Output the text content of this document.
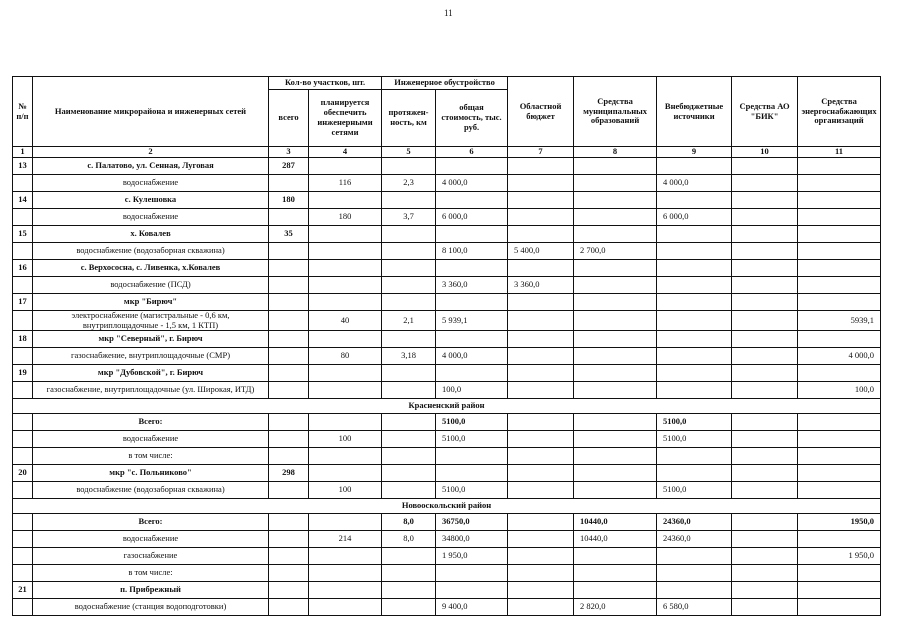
11
№ п/п	Наименование микрорайона и инженерных сетей	Кол-во участков, шт.		Инженерное обустройство		Областной бюджет	Средства муниципальных образований	Внебюджетные источники	Средства АО "БИК"	Средства энергоснабжающих организаций
		всего	планируется обеспечить инженерными сетями	протяжен-ность, км	общая стоимость, тыс. руб.					
1	2	3	4	5	6	7	8	9	10	11
13	с. Палатово, ул. Сенная, Луговая	287								
	водоснабжение		116	2,3	4 000,0			4 000,0		
14	с. Кулешовка	180								
	водоснабжение		180	3,7	6 000,0			6 000,0		
15	х. Ковалев	35								
	водоснабжение (водозаборная скважина)				8 100,0	5 400,0	2 700,0			
16	с. Верхососна, с. Ливенка, х.Ковалев									
	водоснабжение (ПСД)				3 360,0	3 360,0				
17	мкр "Бирюч"									
	электроснабжение (магистральные - 0,6 км, внутриплощадочные - 1,5 км, 1 КТП)		40	2,1	5 939,1					5939,1
18	мкр "Северный", г. Бирюч									
	газоснабжение, внутриплощадочные (СМР)		80	3,18	4 000,0					4 000,0
19	мкр "Дубовской", г. Бирюч									
	газоснабжение, внутриплощадочные (ул. Широкая, ИТД)				100,0					100,0
Красненский район										
	Всего:				5100,0			5100,0		
	водоснабжение		100		5100,0			5100,0		
	в том числе:									
20	мкр "с. Польниково"	298								
	водоснабжение (водозаборная скважина)		100		5100,0			5100,0		
Новооскольский район										
	Всего:			8,0	36750,0		10440,0	24360,0		1950,0
	водоснабжение		214	8,0	34800,0		10440,0	24360,0		
	газоснабжение				1 950,0					1 950,0
	в том числе:									
21	п. Прибрежный									
	водоснабжение (станция водоподготовки)				9 400,0		2 820,0	6 580,0		
